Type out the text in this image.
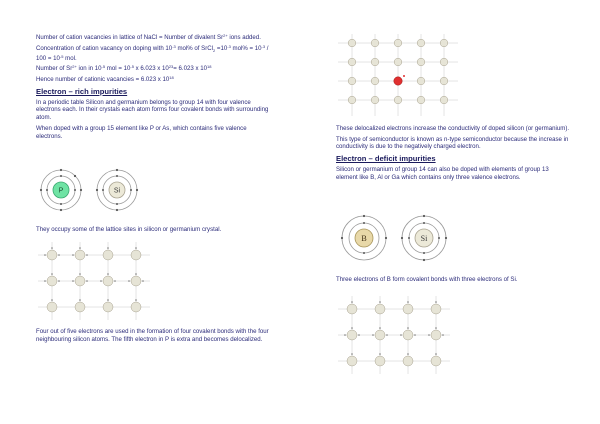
Number of cation vacancies in lattice of NaCl = Number of divalent $Sr^{2+}$ ions added.

Concentration of cation vacancy on doping with $10^{-3}$ mol% of SrCl$_2$ $=10^{-3}$ $mol\% = 10^{-3} / 100 = 10^{-5}$ mol.

Number of $Sr^{2+}$ ion in $10^{-5}$ mol = $10^{-5}$ x 6.023 x $10^{23}= 6.023$ x $10^{18}$

Hence number of cationic vacancies = 6.023 x $10^{18}$

Electron – rich impurities

In a periodic table Silicon and germanium belongs to group 14 with four valence electrons each. In their crystals each atom forms four covalent bonds with surrounding atom.

When doped with a group 15 element like P or As, which contains five valence electrons.

P	Si

They occupy some of the lattice sites in silicon or germanium crystal.

Four out of five electrons are used in the formation of four covalent bonds with the four neighbouring silicon atoms. The fifth electron in P is extra and becomes delocalized.

These delocalized electrons increase the conductivity of doped silicon (or germanium).

This type of semiconductor is known as n-type semiconductor because the increase in conductivity is due to the negatively charged electron.

Electron – deficit impurities

Silicon or germanium of group 14 can also be doped with elements of group 13 element like B, Al or Ga which contains only three valence electrons.

B	Si

Three electrons of B form covalent bonds with three electrons of Si.
